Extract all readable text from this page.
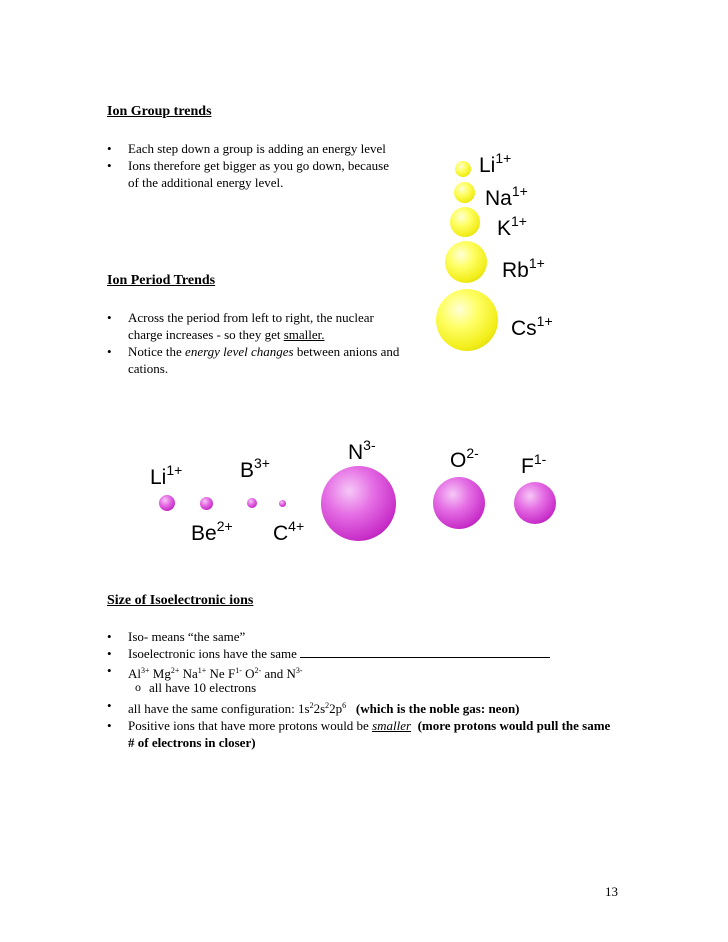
Ion Group trends
• Each step down a group is adding an energy level
• Ions therefore get bigger as you go down, because of the additional energy level.
$Li^{1+}$
$Na^{1+}$
$K^{1+}$
$Rb^{1+}$
$Cs^{1+}$
Ion Period Trends
• Across the period from left to right, the nuclear charge increases - so they get smaller.
• Notice the energy level changes between anions and cations.
$Li^{1+}$
$Be^{2+}$
$B^{3+}$
$C^{4+}$
$N^{3-}$
$O^{2-}$
$F^{1-}$
Size of Isoelectronic ions
• Iso- means “the same”
• Isoelectronic ions have the same
• $Al^{3+}$ $Mg^{2+}$ $Na^{1+}$ Ne $F^{1-}$ $O^{2-}$ and $N^{3-}$
o all have 10 electrons
• all have the same configuration: $1s^22s^22p^6$ (which is the noble gas: neon)
• Positive ions that have more protons would be smaller (more protons would pull the same # of electrons in closer)
13
